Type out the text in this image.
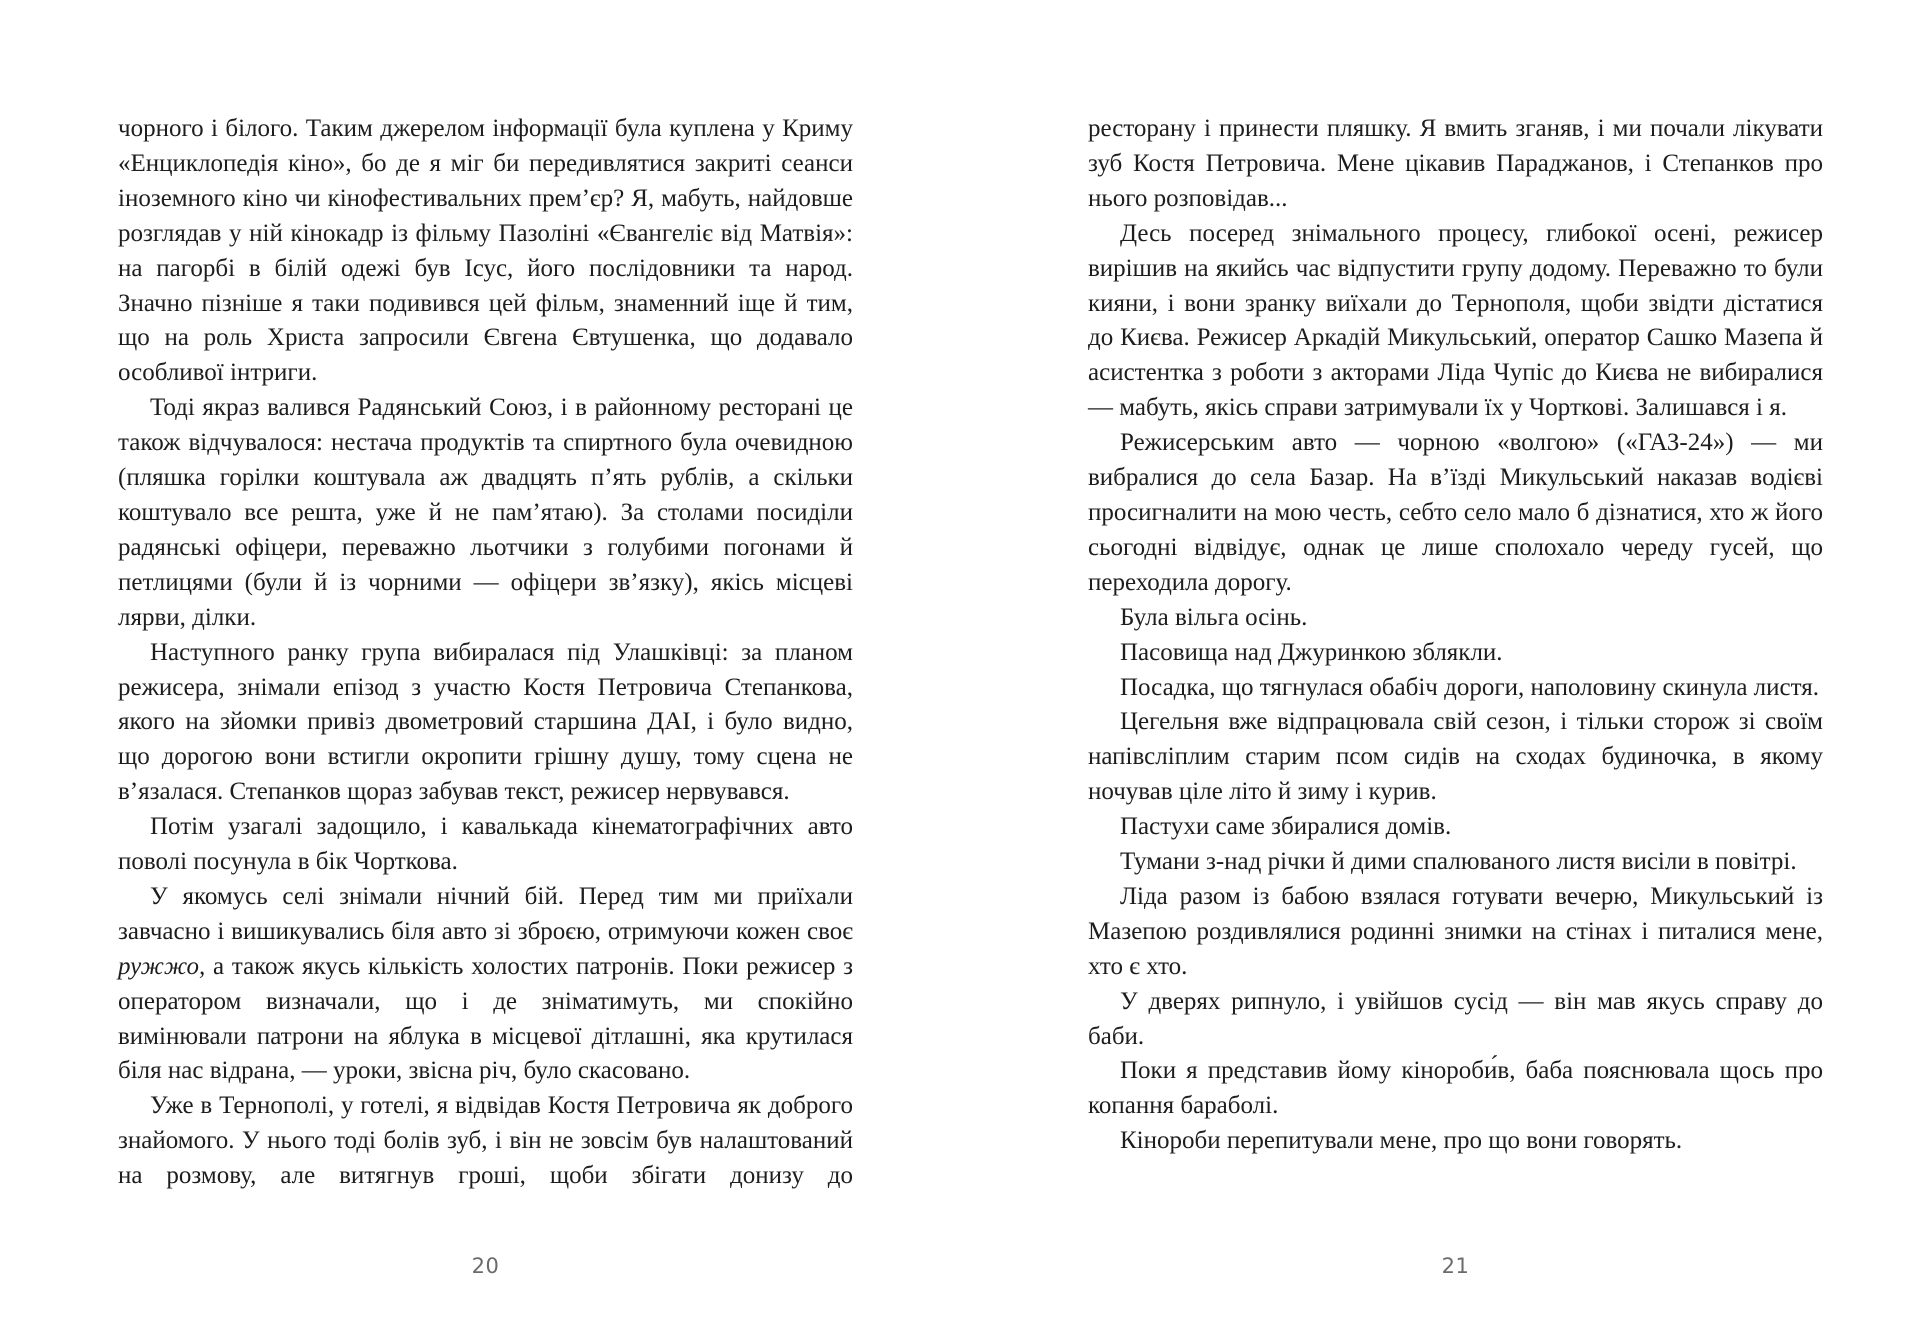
чорного і білого. Таким джерелом інформації була куплена у Криму «Енциклопедія кіно», бо де я міг би передивлятися закриті сеанси іноземного кіно чи кінофестивальних прем’єр? Я, мабуть, найдовше розглядав у ній кінокадр із фільму Пазоліні «Євангеліє від Матвія»: на пагорбі в білій одежі був Ісус, його послідовники та народ. Значно пізніше я таки подивився цей фільм, знаменний іще й тим, що на роль Христа запросили Євгена Євтушенка, що додавало особливої інтриги.

Тоді якраз валився Радянський Союз, і в районному ресторані це також відчувалося: нестача продуктів та спиртного була очевидною (пляшка горілки коштувала аж двадцять п’ять рублів, а скільки коштувало все решта, уже й не пам’ятаю). За столами посиділи радянські офіцери, переважно льотчики з голубими погонами й петлицями (були й із чорними — офіцери зв’язку), якісь місцеві лярви, ділки.

Наступного ранку група вибиралася під Улашківці: за планом режисера, знімали епізод з участю Костя Петровича Степанкова, якого на зйомки привіз двометровий старшина ДАІ, і було видно, що дорогою вони встигли окропити грішну душу, тому сцена не в’язалася. Степанков щораз забував текст, режисер нервувався.

Потім узагалі задощило, і кавалькада кінематографічних авто поволі посунула в бік Чорткова.

У якомусь селі знімали нічний бій. Перед тим ми приїхали завчасно і вишикувались біля авто зі зброєю, отримуючи кожен своє ружжо, а також якусь кількість холостих патронів. Поки режисер з оператором визначали, що і де зніматимуть, ми спокійно вимінювали патрони на яблука в місцевої дітлашні, яка крутилася біля нас відрана, — уроки, звісна річ, було скасовано.

Уже в Тернополі, у готелі, я відвідав Костя Петровича як доброго знайомого. У нього тоді болів зуб, і він не зовсім був налаштований на розмову, але витягнув гроші, щоби збігати донизу до

ресторану і принести пляшку. Я вмить зганяв, і ми почали лікувати зуб Костя Петровича. Мене цікавив Параджанов, і Степанков про нього розповідав...

Десь посеред знімального процесу, глибокої осені, режисер вирішив на якийсь час відпустити групу додому. Переважно то були кияни, і вони зранку виїхали до Тернополя, щоби звідти дістатися до Києва. Режисер Аркадій Микульський, оператор Сашко Мазепа й асистентка з роботи з акторами Ліда Чупіс до Києва не вибиралися — мабуть, якісь справи затримували їх у Чорткові. Залишався і я.

Режисерським авто — чорною «волгою» («ГАЗ-24») — ми вибралися до села Базар. На в’їзді Микульський наказав водієві просигналити на мою честь, себто село мало б дізнатися, хто ж його сьогодні відвідує, однак це лише сполохало череду гусей, що переходила дорогу.

Була вільга осінь.

Пасовища над Джуринкою зблякли.

Посадка, що тягнулася обабіч дороги, наполовину скинула листя.

Цегельня вже відпрацювала свій сезон, і тільки сторож зі своїм напівсліплим старим псом сидів на сходах будиночка, в якому ночував ціле літо й зиму і курив.

Пастухи саме збиралися домів.

Тумани з-над річки й дими спалюваного листя висіли в повітрі.

Ліда разом із бабою взялася готувати вечерю, Микульський із Мазепою роздивлялися родинні знимки на стінах і питалися мене, хто є хто.

У дверях рипнуло, і увійшов сусід — він мав якусь справу до баби.

Поки я представив йому кінороби́в, баба пояснювала щось про копання бараболі.

Кінороби перепитували мене, про що вони говорять.

20	21
